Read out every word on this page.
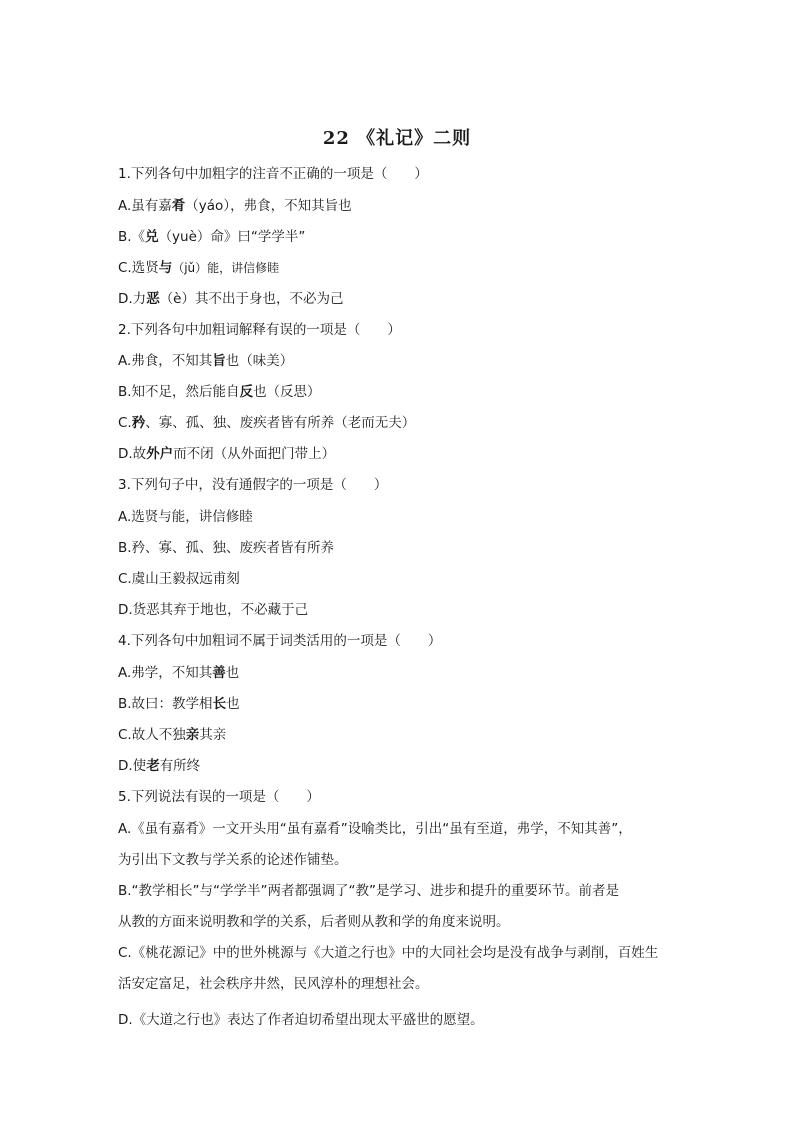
22 《礼记》二则
1.下列各句中加粗字的注音不正确的一项是（　　）
A.虽有嘉肴（yáo），弗食，不知其旨也
B.《兑（yuè）命》曰“学学半”
C.选贤与（jǔ）能，讲信修睦
D.力恶（è）其不出于身也，不必为己
2.下列各句中加粗词解释有误的一项是（　　）
A.弗食，不知其旨也（味美）
B.知不足，然后能自反也（反思）
C.矜、寡、孤、独、废疾者皆有所养（老而无夫）
D.故外户而不闭（从外面把门带上）
3.下列句子中，没有通假字的一项是（　　）
A.选贤与能，讲信修睦
B.矜、寡、孤、独、废疾者皆有所养
C.虞山王毅叔远甫刻
D.货恶其弃于地也，不必藏于己
4.下列各句中加粗词不属于词类活用的一项是（　　）
A.弗学，不知其善也
B.故曰：教学相长也
C.故人不独亲其亲
D.使老有所终
5.下列说法有误的一项是（　　）
A.《虽有嘉肴》一文开头用“虽有嘉肴”设喻类比，引出“虽有至道，弗学，不知其善”，
为引出下文教与学关系的论述作铺垫。
B.“教学相长”与“学学半”两者都强调了“教”是学习、进步和提升的重要环节。前者是
从教的方面来说明教和学的关系，后者则从教和学的角度来说明。
C.《桃花源记》中的世外桃源与《大道之行也》中的大同社会均是没有战争与剥削，百姓生
活安定富足，社会秩序井然，民风淳朴的理想社会。
D.《大道之行也》表达了作者迫切希望出现太平盛世的愿望。
